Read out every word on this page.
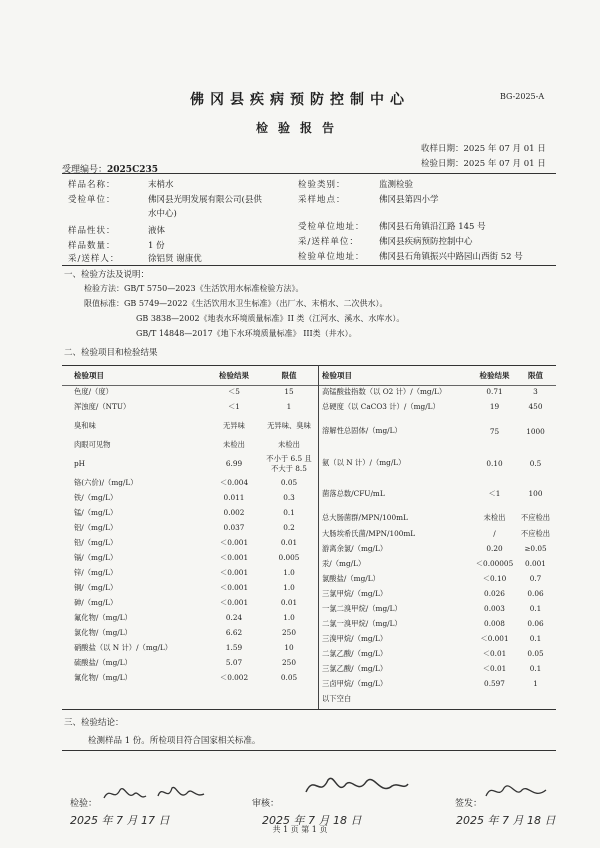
佛冈县疾病预防控制中心	BG-2025-A
检验报告
收样日期：2025 年 07 月 01 日
检验日期：2025 年 07 月 01 日
受理编号：2025C235
样品名称：	末梢水	检验类别：	监测检验
受检单位：	佛冈县光明发展有限公司(县供
水中心)
采样地点：	佛冈县第四小学
样品性状：	液体	受检单位地址： 佛冈县石角镇沿江路 145 号
样品数量：	1 份	采/送样单位： 佛冈县疾病预防控制中心
采/送样人：	徐铝贤 谢康优	检验单位地址： 佛冈县石角镇振兴中路园山西街 52 号
一、检验方法及说明：
检验方法：GB/T 5750—2023《生活饮用水标准检验方法》。
限值标准：GB 5749—2022《生活饮用水卫生标准》（出厂水、末梢水、二次供水）。
GB 3838—2002《地表水环境质量标准》II 类（江河水、溪水、水库水）。
GB/T 14848—2017《地下水环境质量标准》 III类（井水）。
二、检验项目和检验结果
检验项目	检验结果	限值
色度/（度）	＜5	15
浑浊度/（NTU）	＜1	1
臭和味	无异味	无异味、臭味
肉眼可见物	未检出	未检出
pH	6.99	不小于 6.5 且不大于 8.5
铬(六价)/（mg/L）	＜0.004	0.05
铁/（mg/L）	0.011	0.3
锰/（mg/L）	0.002	0.1
铝/（mg/L）	0.037	0.2
铅/（mg/L）	＜0.001	0.01
镉/（mg/L）	＜0.001	0.005
锌/（mg/L）	＜0.001	1.0
铜/（mg/L）	＜0.001	1.0
砷/（mg/L）	＜0.001	0.01
氟化物/（mg/L）	0.24	1.0
氯化物/（mg/L）	6.62	250
硝酸盐（以 N 计）/（mg/L）	1.59	10
硫酸盐/（mg/L）	5.07	250
氰化物/（mg/L）	＜0.002	0.05
检验项目	检验结果	限值
高锰酸盐指数（以 O2 计）/（mg/L）	0.71	3
总硬度（以 CaCO3 计）/（mg/L）	19	450
溶解性总固体/（mg/L）	75	1000
氨（以 N 计）/（mg/L）	0.10	0.5
菌落总数/CFU/mL	＜1	100
总大肠菌群/MPN/100mL	未检出	不应检出
大肠埃希氏菌/MPN/100mL	/	不应检出
游离余氯/（mg/L）	0.20	≥0.05
汞/（mg/L）	＜0.00005	0.001
氯酸盐/（mg/L）	＜0.10	0.7
三氯甲烷/（mg/L）	0.026	0.06
一氯二溴甲烷/（mg/L）	0.003	0.1
二氯一溴甲烷/（mg/L）	0.008	0.06
三溴甲烷/（mg/L）	＜0.001	0.1
二氯乙酸/（mg/L）	＜0.01	0.05
三氯乙酸/（mg/L）	＜0.01	0.1
三卤甲烷/（mg/L）	0.597	1
以下空白		
三、检验结论：
检测样品 1 份。所检项目符合国家相关标准。
检验：
2025 年 7 月 17 日
审核：
2025 年 7 月 18 日
签发：
2025 年 7 月 18 日
共 1 页 第 1 页
